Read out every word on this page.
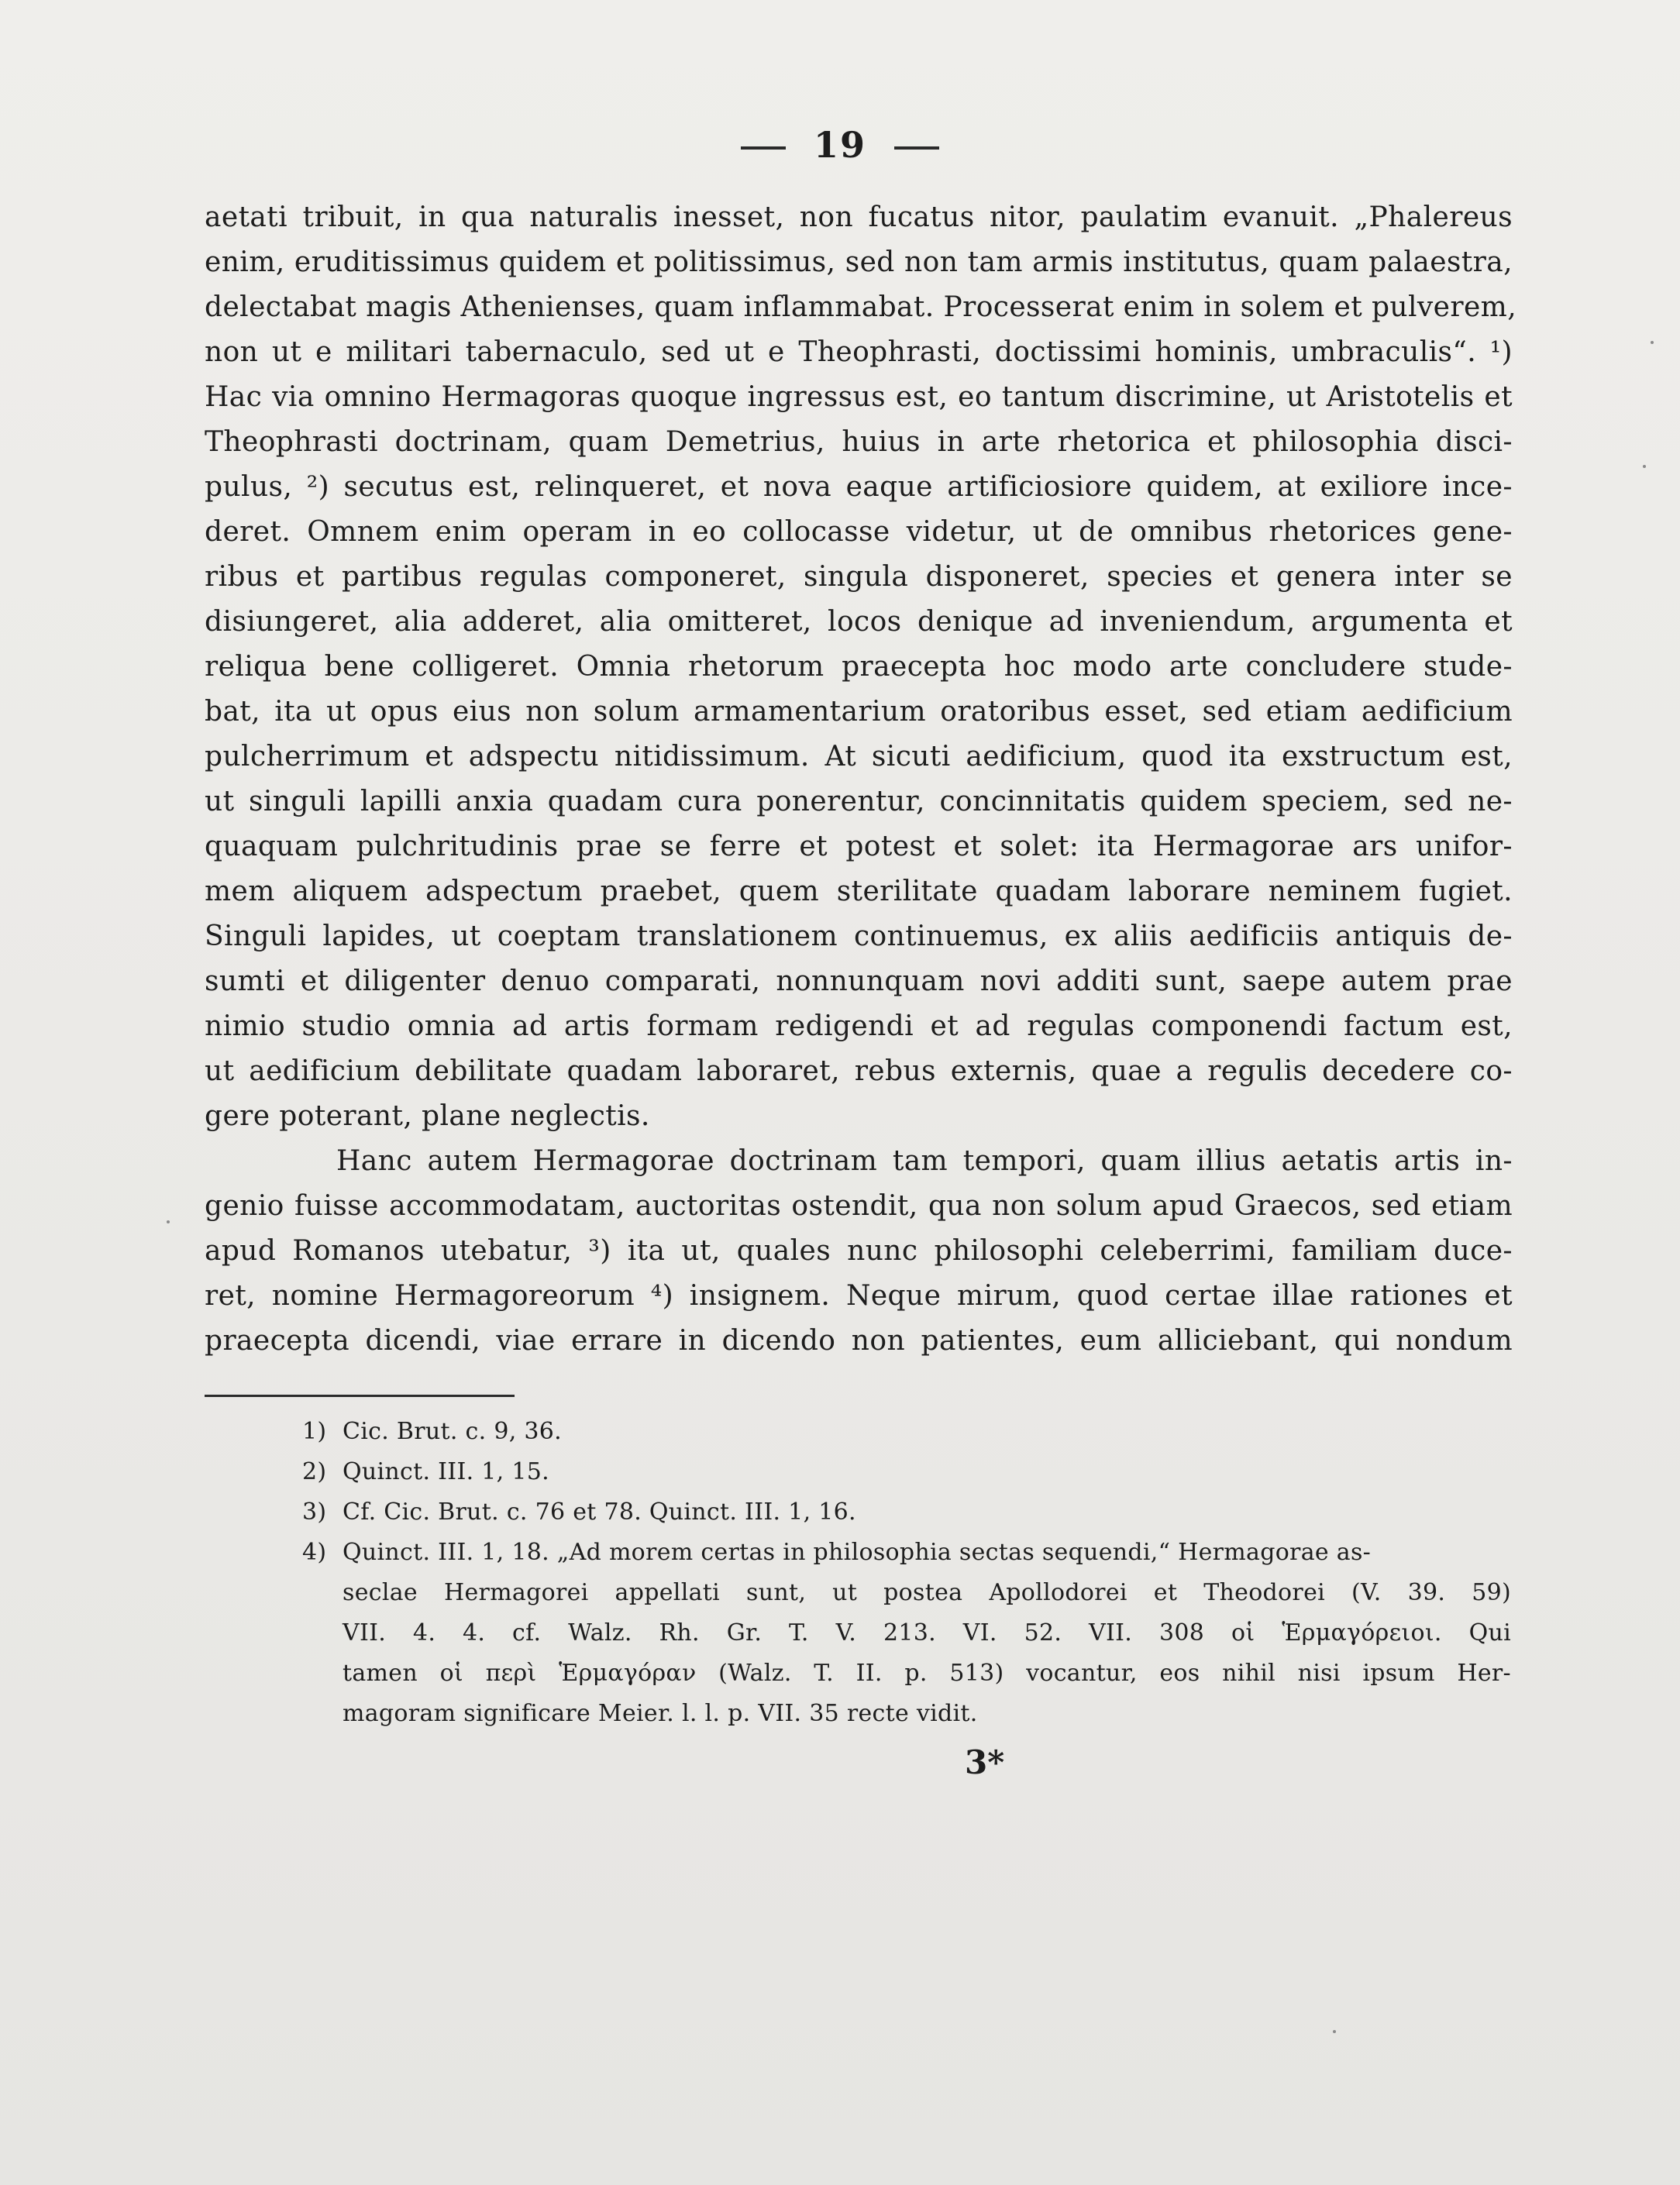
19
aetati tribuit, in qua naturalis inesset, non fucatus nitor, paulatim evanuit. „Phalereus
enim, eruditissimus quidem et politissimus, sed non tam armis institutus, quam palaestra,
delectabat magis Athenienses, quam inflammabat. Processerat enim in solem et pulverem,
non ut e militari tabernaculo, sed ut e Theophrasti, doctissimi hominis, umbraculis“. ¹)
Hac via omnino Hermagoras quoque ingressus est, eo tantum discrimine, ut Aristotelis et
Theophrasti doctrinam, quam Demetrius, huius in arte rhetorica et philosophia disci-
pulus, ²) secutus est, relinqueret, et nova eaque artificiosiore quidem, at exiliore ince-
deret. Omnem enim operam in eo collocasse videtur, ut de omnibus rhetorices gene-
ribus et partibus regulas componeret, singula disponeret, species et genera inter se
disiungeret, alia adderet, alia omitteret, locos denique ad inveniendum, argumenta et
reliqua bene colligeret. Omnia rhetorum praecepta hoc modo arte concludere stude-
bat, ita ut opus eius non solum armamentarium oratoribus esset, sed etiam aedificium
pulcherrimum et adspectu nitidissimum. At sicuti aedificium, quod ita exstructum est,
ut singuli lapilli anxia quadam cura ponerentur, concinnitatis quidem speciem, sed ne-
quaquam pulchritudinis prae se ferre et potest et solet: ita Hermagorae ars unifor-
mem aliquem adspectum praebet, quem sterilitate quadam laborare neminem fugiet.
Singuli lapides, ut coeptam translationem continuemus, ex aliis aedificiis antiquis de-
sumti et diligenter denuo comparati, nonnunquam novi additi sunt, saepe autem prae
nimio studio omnia ad artis formam redigendi et ad regulas componendi factum est,
ut aedificium debilitate quadam laboraret, rebus externis, quae a regulis decedere co-
gere poterant, plane neglectis.
Hanc autem Hermagorae doctrinam tam tempori, quam illius aetatis artis in-
genio fuisse accommodatam, auctoritas ostendit, qua non solum apud Graecos, sed etiam
apud Romanos utebatur, ³) ita ut, quales nunc philosophi celeberrimi, familiam duce-
ret, nomine Hermagoreorum ⁴) insignem. Neque mirum, quod certae illae rationes et
praecepta dicendi, viae errare in dicendo non patientes, eum alliciebant, qui nondum
1) Cic. Brut. c. 9, 36.
2) Quinct. III. 1, 15.
3) Cf. Cic. Brut. c. 76 et 78. Quinct. III. 1, 16.
4) Quinct. III. 1, 18. „Ad morem certas in philosophia sectas sequendi,“ Hermagorae as-
seclae Hermagorei appellati sunt, ut postea Apollodorei et Theodorei (V. 39. 59)
VII. 4. 4. cf. Walz. Rh. Gr. T. V. 213. VI. 52. VII. 308 οἱ Ἑρμαγόρειοι. Qui
tamen οἱ περὶ Ἑρμαγόραν (Walz. T. II. p. 513) vocantur, eos nihil nisi ipsum Her-
magoram significare Meier. l. l. p. VII. 35 recte vidit.
3*
